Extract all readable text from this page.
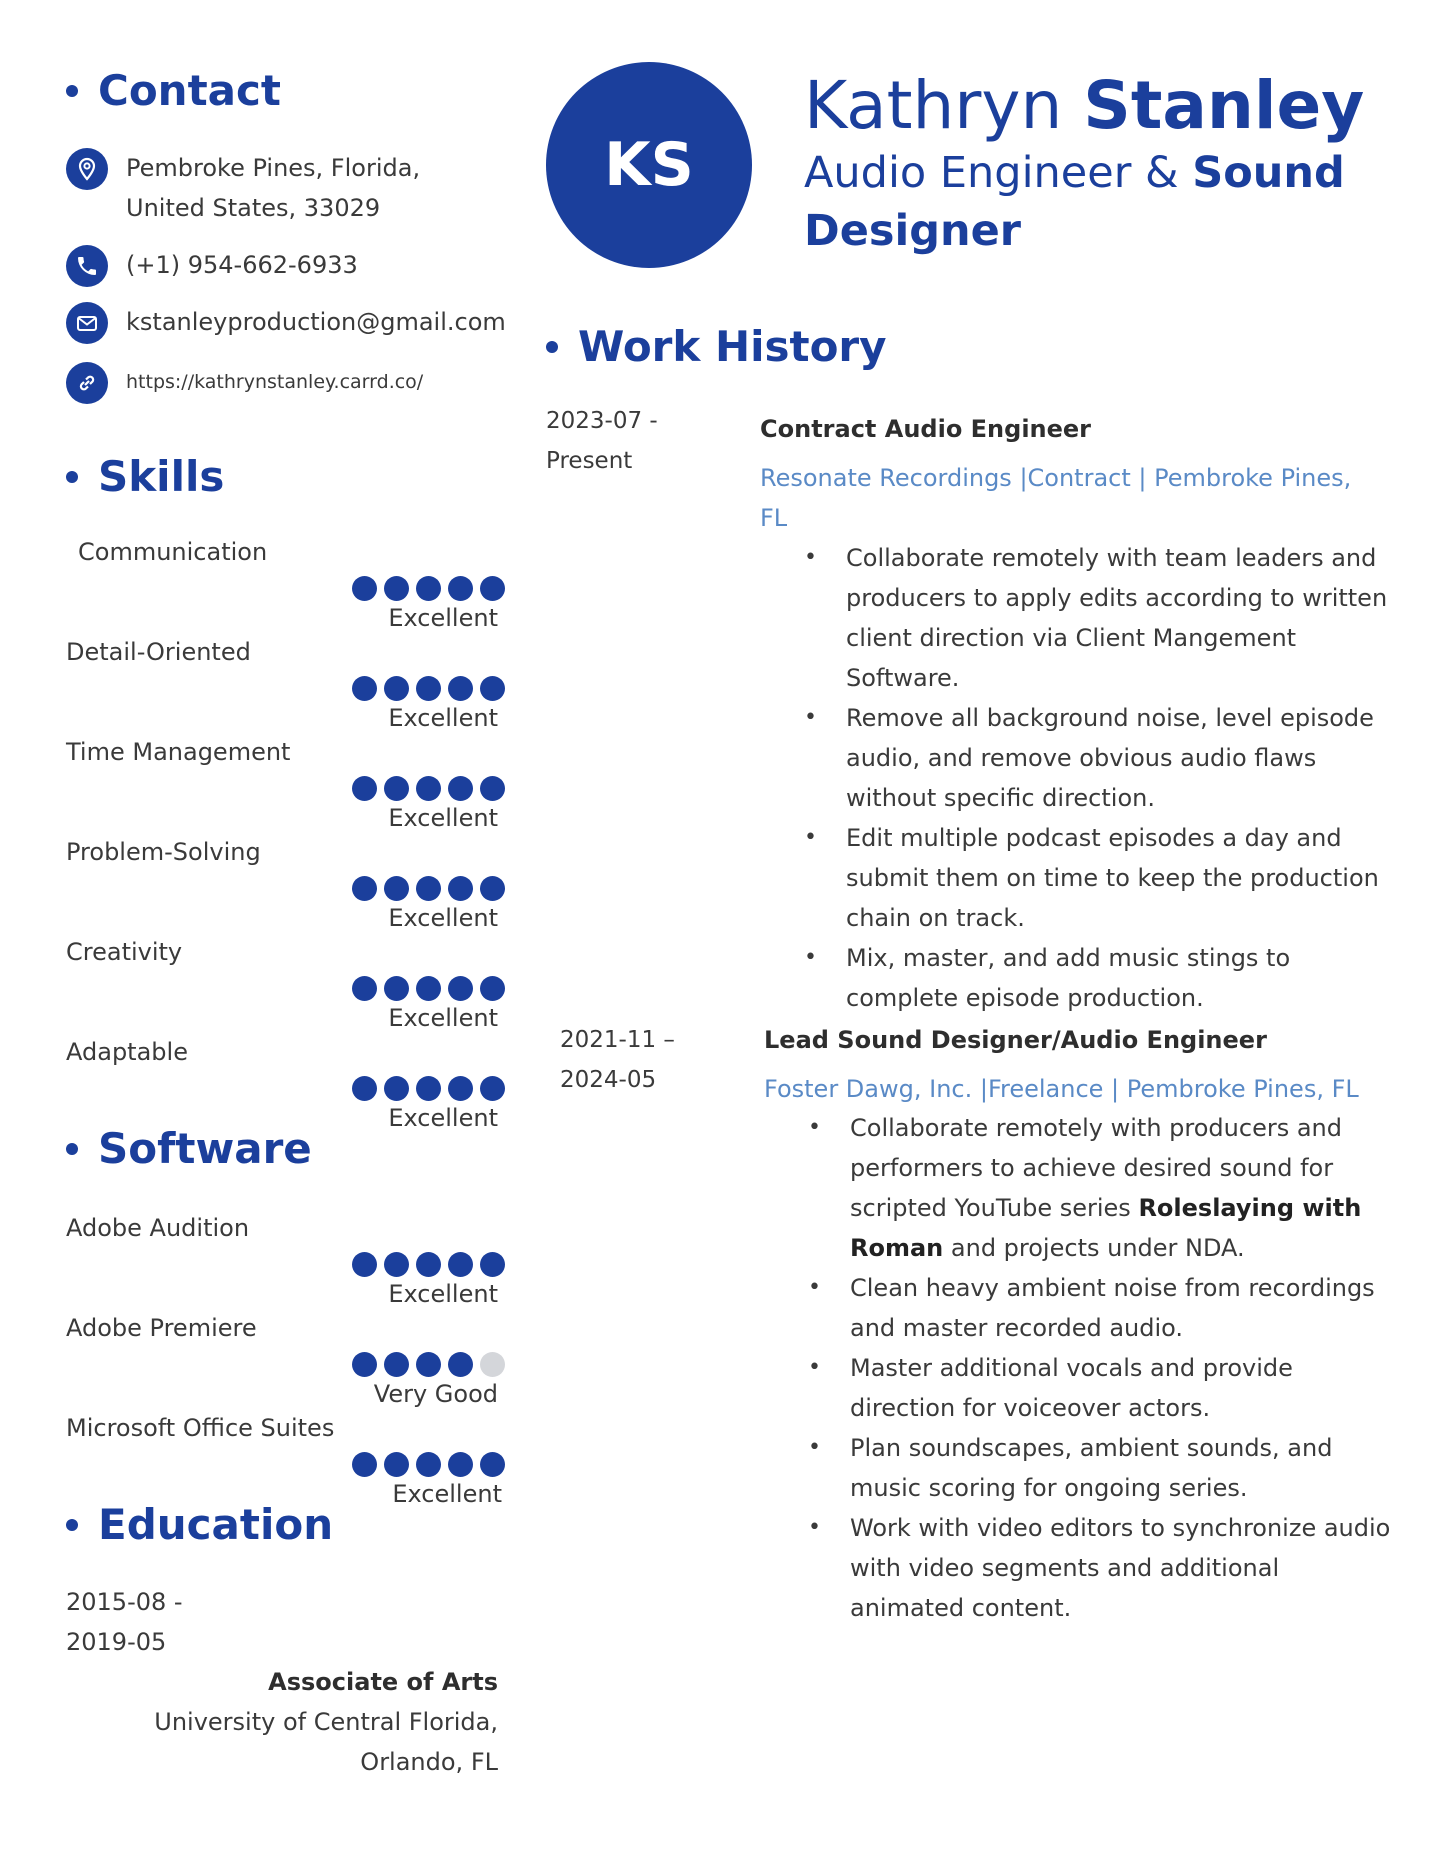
Contact
Pembroke Pines, Florida,
United States, 33029
(+1) 954-662-6933
kstanleyproduction@gmail.com
https://kathrynstanley.carrd.co/
Skills
Communication
Excellent
Detail-Oriented
Excellent
Time Management
Excellent
Problem-Solving
Excellent
Creativity
Excellent
Adaptable
Excellent
Adobe Audition
Excellent
Adobe Premiere
Very Good
Microsoft Office Suites
Excellent
Software
Education
2015-08 -
2019-05
Associate of Arts
University of Central Florida,
Orlando, FL
KS
Kathryn Stanley
Audio Engineer & Sound Designer
Work History
2023-07 -
Present
Contract Audio Engineer
Resonate Recordings |Contract | Pembroke Pines, FL
• Collaborate remotely with team leaders and producers to apply edits according to written client direction via Client Mangement Software.
• Remove all background noise, level episode audio, and remove obvious audio flaws without specific direction.
• Edit multiple podcast episodes a day and submit them on time to keep the production chain on track.
• Mix, master, and add music stings to complete episode production.
2021-11 –
2024-05
Lead Sound Designer/Audio Engineer
Foster Dawg, Inc. |Freelance | Pembroke Pines, FL
• Collaborate remotely with producers and performers to achieve desired sound for scripted YouTube series Roleslaying with Roman and projects under NDA.
• Clean heavy ambient noise from recordings and master recorded audio.
• Master additional vocals and provide direction for voiceover actors.
• Plan soundscapes, ambient sounds, and music scoring for ongoing series.
• Work with video editors to synchronize audio with video segments and additional animated content.
